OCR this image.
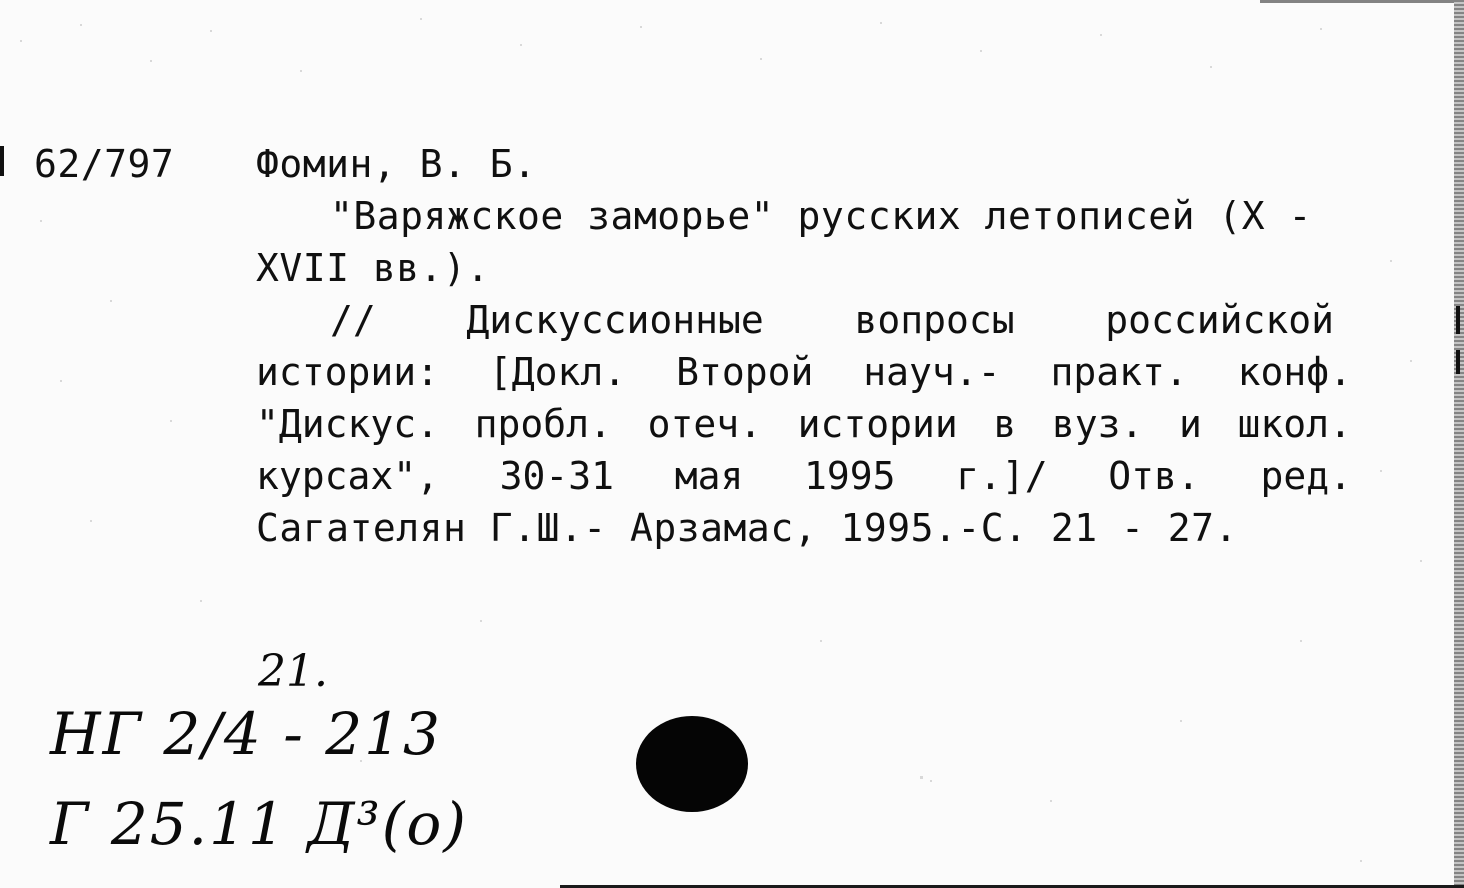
62/797 Фомин, В. Б.
"Варяжское заморье" русских летописей (X -
XVII вв.).
// Дискуссионные вопросы российской
истории: [Докл. Второй науч.- практ. конф.
"Дискус. пробл. отеч. истории в вуз. и школ.
курсах", 30-31 мая 1995 г.]/ Отв. ред.
Сагателян Г.Ш.- Арзамас, 1995.-С. 21 - 27.
21.
НГ 2/4 - 213
Г 25.11 Д³(о)
